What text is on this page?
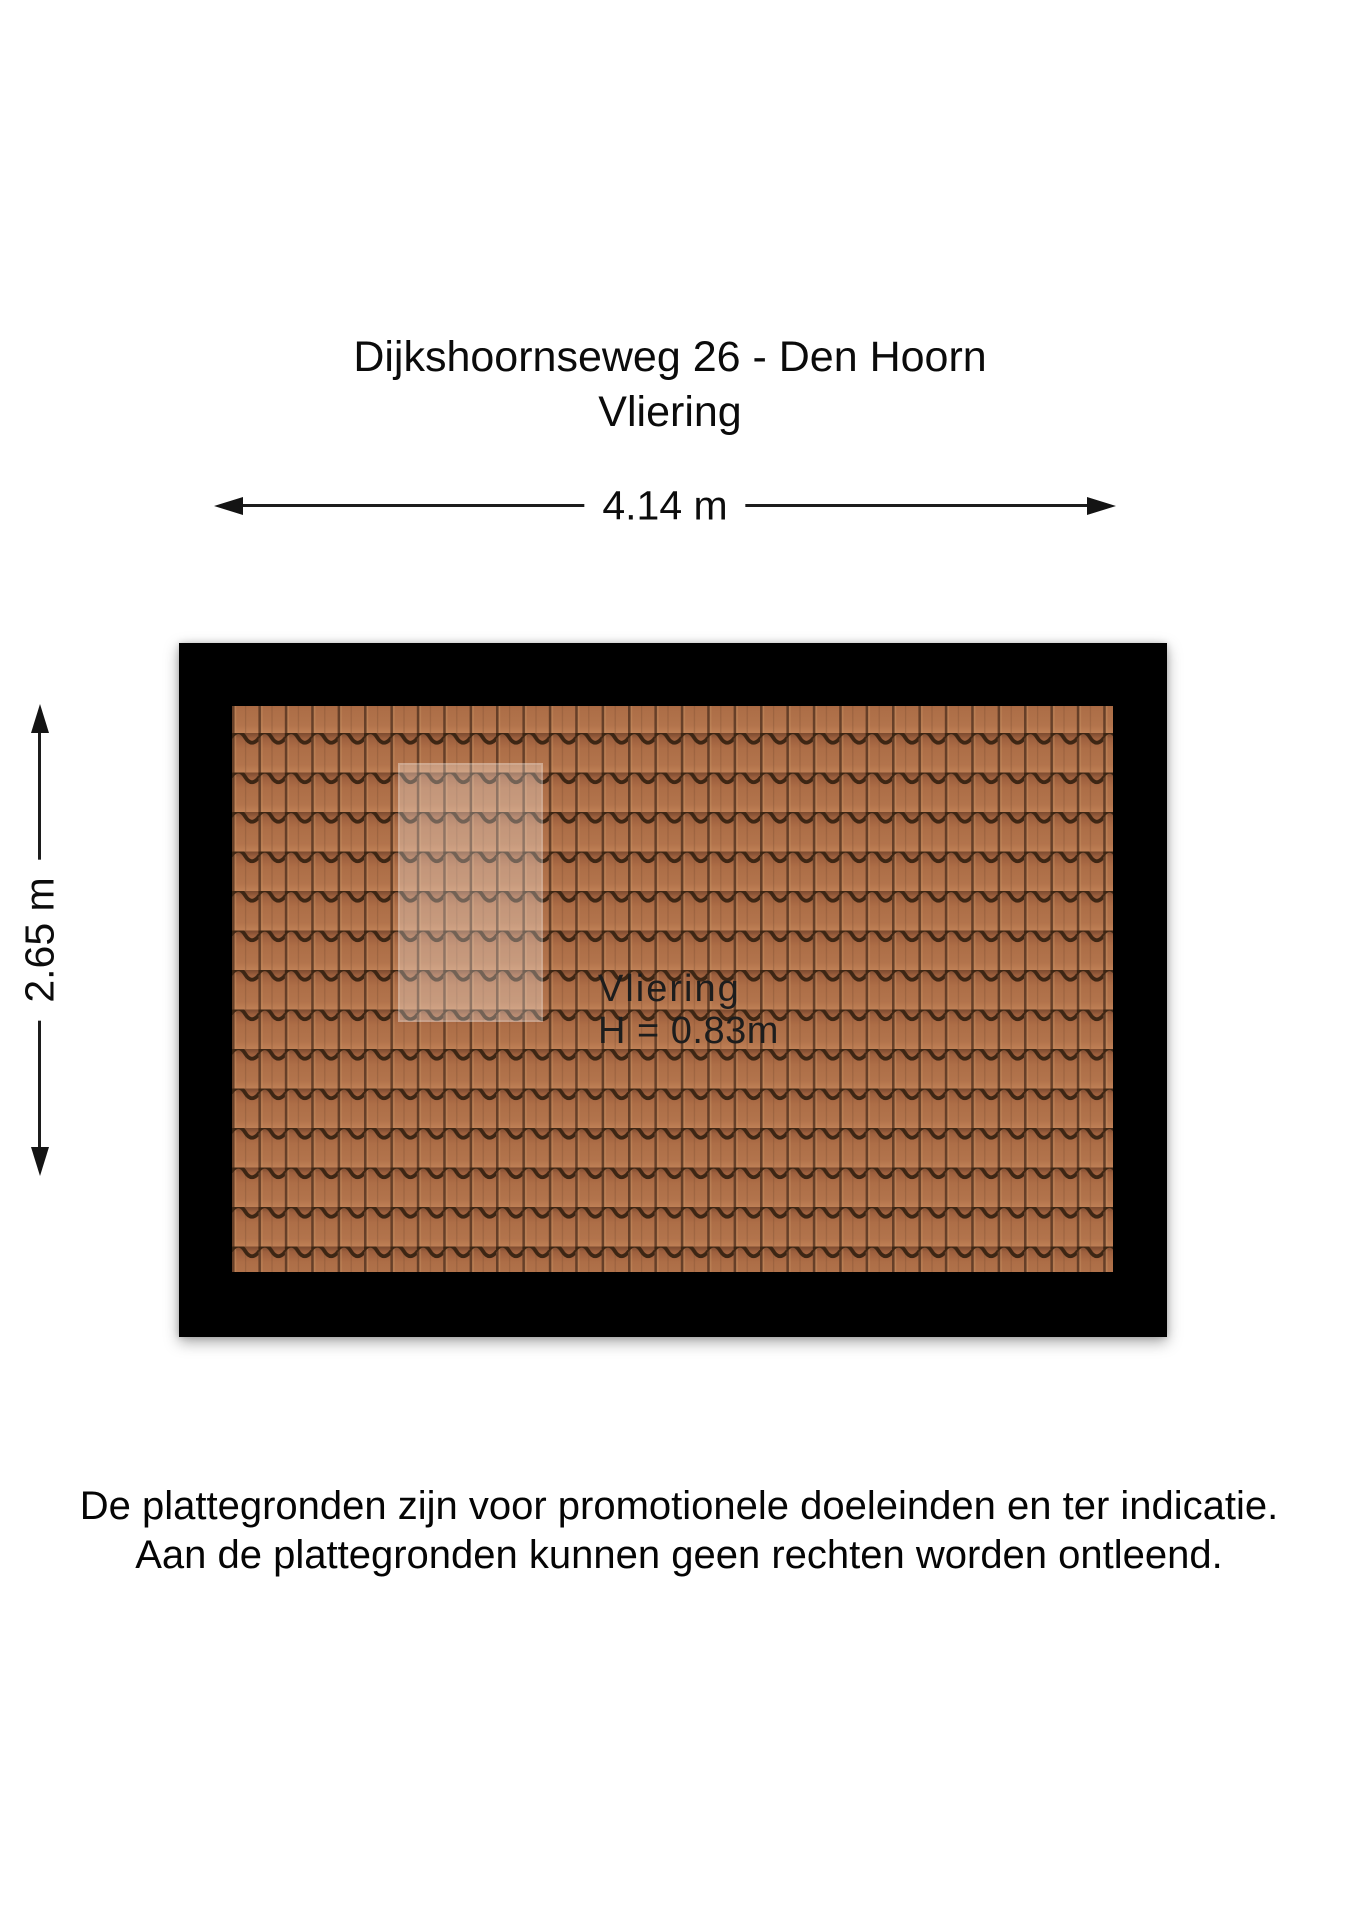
Dijkshoornseweg 26 - Den Hoorn
Vliering
4.14 m
2.65 m	Vliering
H = 0.83m
De plattegronden zijn voor promotionele doeleinden en ter indicatie.
Aan de plattegronden kunnen geen rechten worden ontleend.
